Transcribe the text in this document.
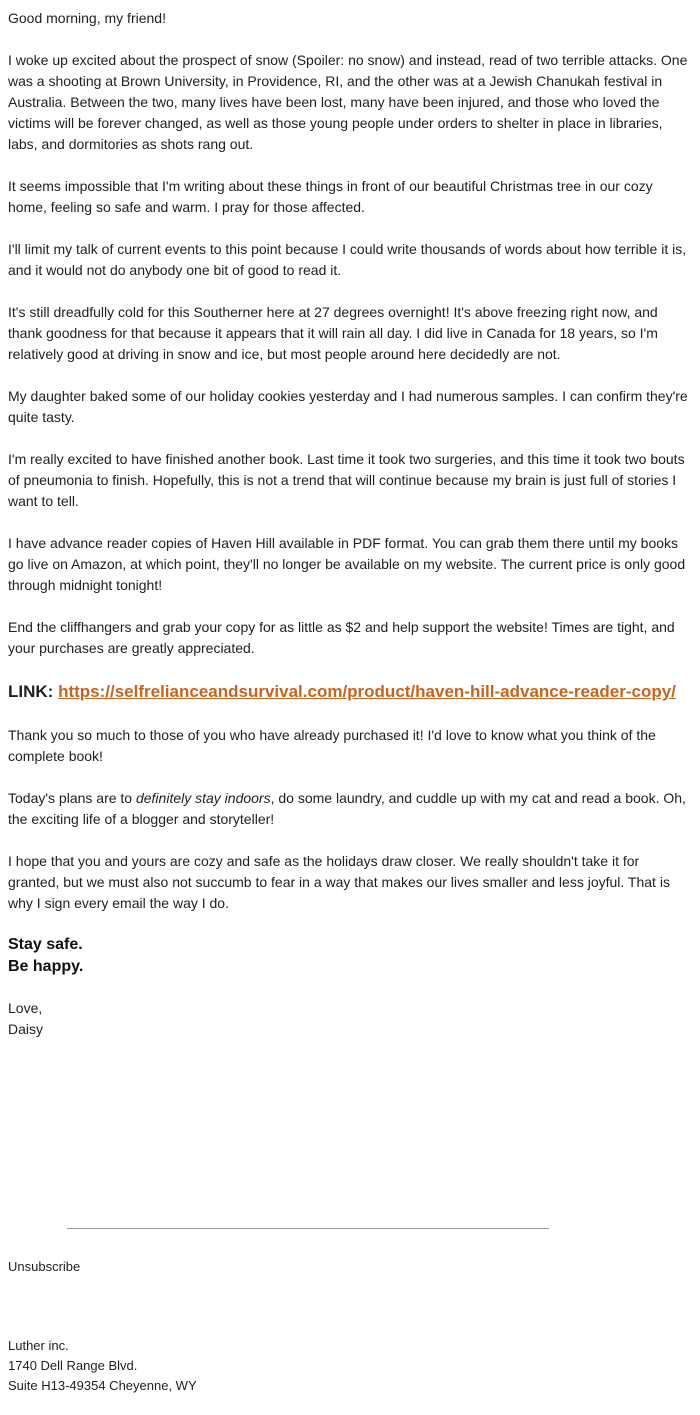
Good morning, my friend!

I woke up excited about the prospect of snow (Spoiler: no snow) and instead, read of two terrible attacks. One was a shooting at Brown University, in Providence, RI, and the other was at a Jewish Chanukah festival in Australia. Between the two, many lives have been lost, many have been injured, and those who loved the victims will be forever changed, as well as those young people under orders to shelter in place in libraries, labs, and dormitories as shots rang out.

It seems impossible that I'm writing about these things in front of our beautiful Christmas tree in our cozy home, feeling so safe and warm. I pray for those affected.

I'll limit my talk of current events to this point because I could write thousands of words about how terrible it is, and it would not do anybody one bit of good to read it.

It's still dreadfully cold for this Southerner here at 27 degrees overnight! It's above freezing right now, and thank goodness for that because it appears that it will rain all day. I did live in Canada for 18 years, so I'm relatively good at driving in snow and ice, but most people around here decidedly are not.

My daughter baked some of our holiday cookies yesterday and I had numerous samples. I can confirm they're quite tasty.

I'm really excited to have finished another book. Last time it took two surgeries, and this time it took two bouts of pneumonia to finish. Hopefully, this is not a trend that will continue because my brain is just full of stories I want to tell.

I have advance reader copies of Haven Hill available in PDF format. You can grab them there until my books go live on Amazon, at which point, they'll no longer be available on my website. The current price is only good through midnight tonight!

End the cliffhangers and grab your copy for as little as $2 and help support the website! Times are tight, and your purchases are greatly appreciated.

LINK: https://selfrelianceandsurvival.com/product/haven-hill-advance-reader-copy/

Thank you so much to those of you who have already purchased it! I'd love to know what you think of the complete book!

Today's plans are to definitely stay indoors, do some laundry, and cuddle up with my cat and read a book. Oh, the exciting life of a blogger and storyteller!

I hope that you and yours are cozy and safe as the holidays draw closer. We really shouldn't take it for granted, but we must also not succumb to fear in a way that makes our lives smaller and less joyful. That is why I sign every email the way I do.

Stay safe.
Be happy.

Love,
Daisy

Unsubscribe
Luther inc.
1740 Dell Range Blvd.
Suite H13-49354 Cheyenne, WY
